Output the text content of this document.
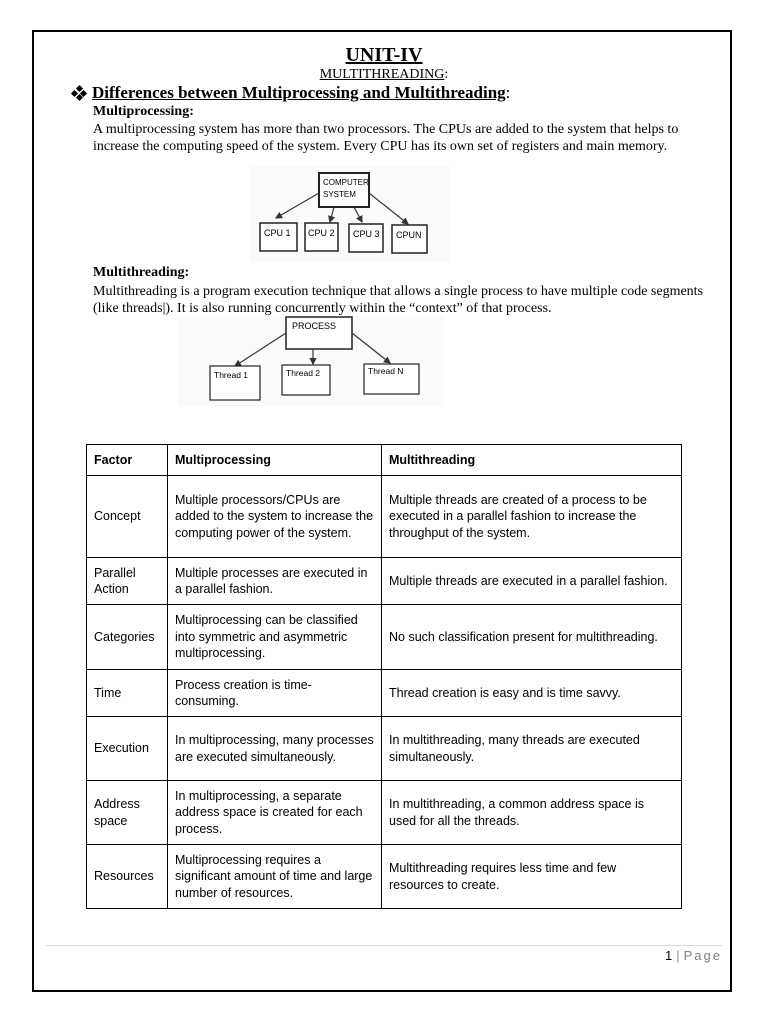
UNIT-IV
MULTITHREADING:
Differences between Multiprocessing and Multithreading :
Multiprocessing:
A multiprocessing system has more than two processors. The CPUs are added to the system that helps to increase the computing speed of the system. Every CPU has its own set of registers and main memory.
COMPUTER
SYSTEM
CPU 1 CPU 2 CPU 3 CPUN
Multithreading:
Multithreading is a program execution technique that allows a single process to have multiple code segments (like threads|). It is also running concurrently within the “context” of that process.
PROCESS
Thread 1	Thread 2	Thread N
Factor	Multiprocessing	Multithreading
Concept	Multiple processors/CPUs are added to the system to increase the computing power of the system.	Multiple threads are created of a process to be executed in a parallel fashion to increase the throughput of the system.
Parallel Action	Multiple processes are executed in a parallel fashion.	Multiple threads are executed in a parallel fashion.
Categories	Multiprocessing can be classified into symmetric and asymmetric multiprocessing.	No such classification present for multithreading.
Time	Process creation is time-consuming.	Thread creation is easy and is time savvy.
Execution	In multiprocessing, many processes are executed simultaneously.	In multithreading, many threads are executed simultaneously.
Address space	In multiprocessing, a separate address space is created for each process.	In multithreading, a common address space is used for all the threads.
Resources	Multiprocessing requires a significant amount of time and large number of resources.	Multithreading requires less time and few resources to create.
1 | Page
